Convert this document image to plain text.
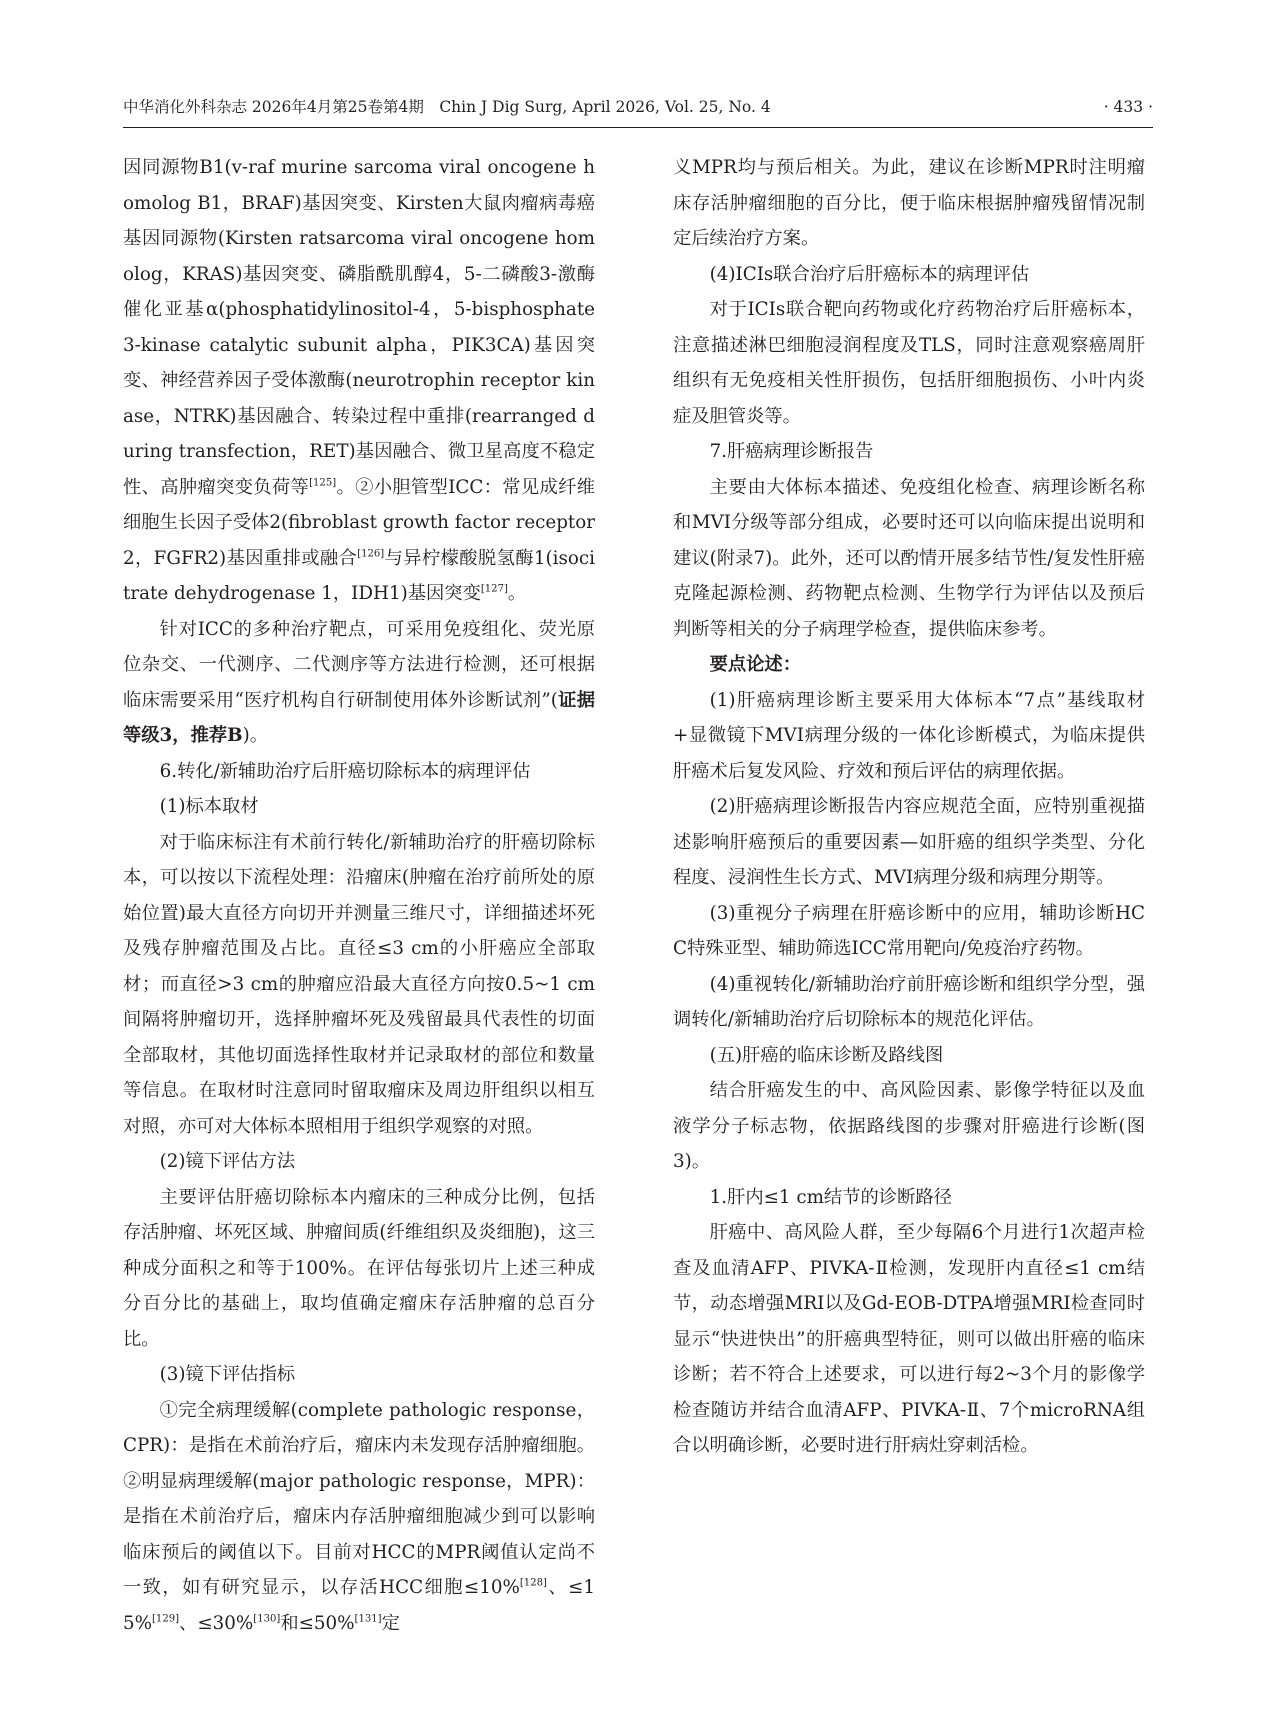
中华消化外科杂志 2026年4月第25卷第4期　Chin J Dig Surg, April 2026, Vol. 25, No. 4	· 433 ·

因同源物B1(v-raf murine sarcoma viral oncogene homolog B1，BRAF)基因突变、Kirsten大鼠肉瘤病毒癌基因同源物(Kirsten ratsarcoma viral oncogene homolog，KRAS)基因突变、磷脂酰肌醇4，5-二磷酸3-激酶催化亚基α(phosphatidylinositol-4，5-bisphosphate 3-kinase catalytic subunit alpha，PIK3CA)基因突变、神经营养因子受体激酶(neurotrophin receptor kinase，NTRK)基因融合、转染过程中重排(rearranged during transfection，RET)基因融合、微卫星高度不稳定性、高肿瘤突变负荷等[125]。②小胆管型ICC：常见成纤维细胞生长因子受体2(fibroblast growth factor receptor 2，FGFR2)基因重排或融合[126]与异柠檬酸脱氢酶1(isocitrate dehydrogenase 1，IDH1)基因突变[127]。

针对ICC的多种治疗靶点，可采用免疫组化、荧光原位杂交、一代测序、二代测序等方法进行检测，还可根据临床需要采用“医疗机构自行研制使用体外诊断试剂”(证据等级3，推荐B)。

6.转化/新辅助治疗后肝癌切除标本的病理评估

(1)标本取材

对于临床标注有术前行转化/新辅助治疗的肝癌切除标本，可以按以下流程处理：沿瘤床(肿瘤在治疗前所处的原始位置)最大直径方向切开并测量三维尺寸，详细描述坏死及残存肿瘤范围及占比。直径≤3 cm的小肝癌应全部取材；而直径>3 cm的肿瘤应沿最大直径方向按0.5~1 cm间隔将肿瘤切开，选择肿瘤坏死及残留最具代表性的切面全部取材，其他切面选择性取材并记录取材的部位和数量等信息。在取材时注意同时留取瘤床及周边肝组织以相互对照，亦可对大体标本照相用于组织学观察的对照。

(2)镜下评估方法

主要评估肝癌切除标本内瘤床的三种成分比例，包括存活肿瘤、坏死区域、肿瘤间质(纤维组织及炎细胞)，这三种成分面积之和等于100%。在评估每张切片上述三种成分百分比的基础上，取均值确定瘤床存活肿瘤的总百分比。

(3)镜下评估指标

①完全病理缓解(complete pathologic response，CPR)：是指在术前治疗后，瘤床内未发现存活肿瘤细胞。②明显病理缓解(major pathologic response，MPR)：是指在术前治疗后，瘤床内存活肿瘤细胞减少到可以影响临床预后的阈值以下。目前对HCC的MPR阈值认定尚不一致，如有研究显示，以存活HCC细胞≤10%[128]、≤15%[129]、≤30%[130]和≤50%[131]定

义MPR均与预后相关。为此，建议在诊断MPR时注明瘤床存活肿瘤细胞的百分比，便于临床根据肿瘤残留情况制定后续治疗方案。

(4)ICIs联合治疗后肝癌标本的病理评估

对于ICIs联合靶向药物或化疗药物治疗后肝癌标本，注意描述淋巴细胞浸润程度及TLS，同时注意观察癌周肝组织有无免疫相关性肝损伤，包括肝细胞损伤、小叶内炎症及胆管炎等。

7.肝癌病理诊断报告

主要由大体标本描述、免疫组化检查、病理诊断名称和MVI分级等部分组成，必要时还可以向临床提出说明和建议(附录7)。此外，还可以酌情开展多结节性/复发性肝癌克隆起源检测、药物靶点检测、生物学行为评估以及预后判断等相关的分子病理学检查，提供临床参考。

要点论述：

(1)肝癌病理诊断主要采用大体标本“7点”基线取材+显微镜下MVI病理分级的一体化诊断模式，为临床提供肝癌术后复发风险、疗效和预后评估的病理依据。

(2)肝癌病理诊断报告内容应规范全面，应特别重视描述影响肝癌预后的重要因素—如肝癌的组织学类型、分化程度、浸润性生长方式、MVI病理分级和病理分期等。

(3)重视分子病理在肝癌诊断中的应用，辅助诊断HCC特殊亚型、辅助筛选ICC常用靶向/免疫治疗药物。

(4)重视转化/新辅助治疗前肝癌诊断和组织学分型，强调转化/新辅助治疗后切除标本的规范化评估。

(五)肝癌的临床诊断及路线图

结合肝癌发生的中、高风险因素、影像学特征以及血液学分子标志物，依据路线图的步骤对肝癌进行诊断(图3)。

1.肝内≤1 cm结节的诊断路径

肝癌中、高风险人群，至少每隔6个月进行1次超声检查及血清AFP、PIVKA-Ⅱ检测，发现肝内直径≤1 cm结节，动态增强MRI以及Gd-EOB-DTPA增强MRI检查同时显示“快进快出”的肝癌典型特征，则可以做出肝癌的临床诊断；若不符合上述要求，可以进行每2~3个月的影像学检查随访并结合血清AFP、PIVKA-Ⅱ、7个microRNA组合以明确诊断，必要时进行肝病灶穿刺活检。
